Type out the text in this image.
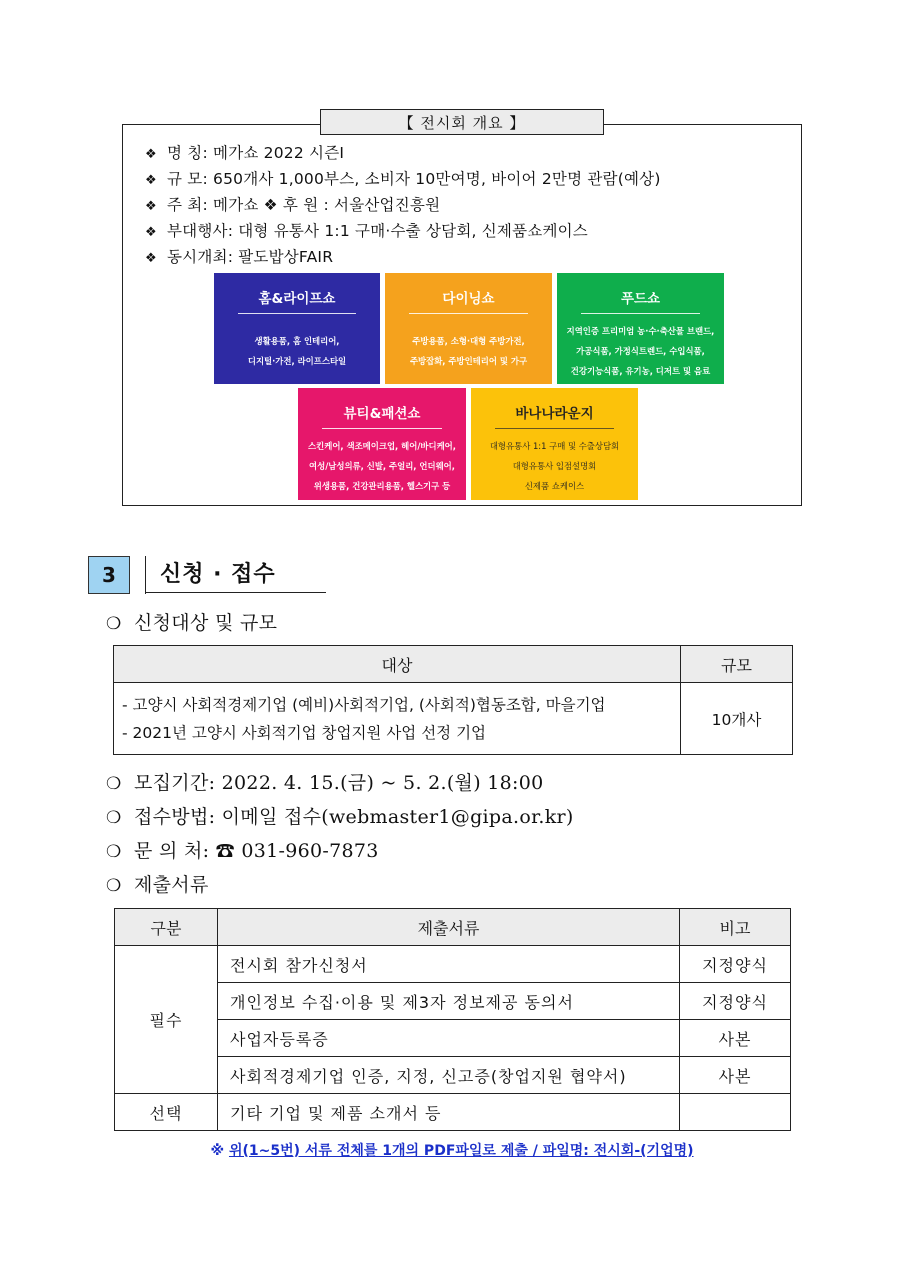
【 전시회 개요 】
❖ 명 칭: 메가쇼 2022 시즌Ⅰ
❖ 규 모: 650개사 1,000부스, 소비자 10만여명, 바이어 2만명 관람(예상)
❖ 주 최: 메가쇼 ❖ 후 원 : 서울산업진흥원
❖ 부대행사: 대형 유통사 1:1 구매·수출 상담회, 신제품쇼케이스
❖ 동시개최: 팔도밥상FAIR
홈&라이프쇼
생활용품, 홈 인테리어,
디지털·가전, 라이프스타일
다이닝쇼
주방용품, 소형·대형 주방가전,
주방잡화, 주방인테리어 및 가구
푸드쇼
지역인증 프리미엄 농·수·축산물 브랜드,
가공식품, 가정식트렌드, 수입식품,
건강기능식품, 유기농, 디저트 및 음료
뷰티&패션쇼
스킨케어, 색조메이크업, 헤어/바디케어,
여성/남성의류, 신발, 주얼리, 언더웨어,
위생용품, 건강관리용품, 헬스기구 등
바나나라운지
대형유통사 1:1 구매 및 수출상담회
대형유통사 입점설명회
신제품 쇼케이스
3	신청 · 접수
❍ 신청대상 및 규모
대상	규모

- 고양시 사회적경제기업 (예비)사회적기업, (사회적)협동조합, 마을기업
- 2021년 고양시 사회적기업 창업지원 사업 선정 기업	10개사
❍ 모집기간: 2022. 4. 15.(금) ~ 5. 2.(월) 18:00
❍ 접수방법: 이메일 접수(webmaster1@gipa.or.kr)
❍ 문 의 처: ☎ 031-960-7873
❍ 제출서류
구분	제출서류	비고
필수	전시회 참가신청서	지정양식
	개인정보 수집·이용 및 제3자 정보제공 동의서	지정양식
	사업자등록증	사본
	사회적경제기업 인증, 지정, 신고증(창업지원 협약서)	사본
선택	기타 기업 및 제품 소개서 등	
※ 위(1~5번) 서류 전체를 1개의 PDF파일로 제출 / 파일명: 전시회-(기업명)
